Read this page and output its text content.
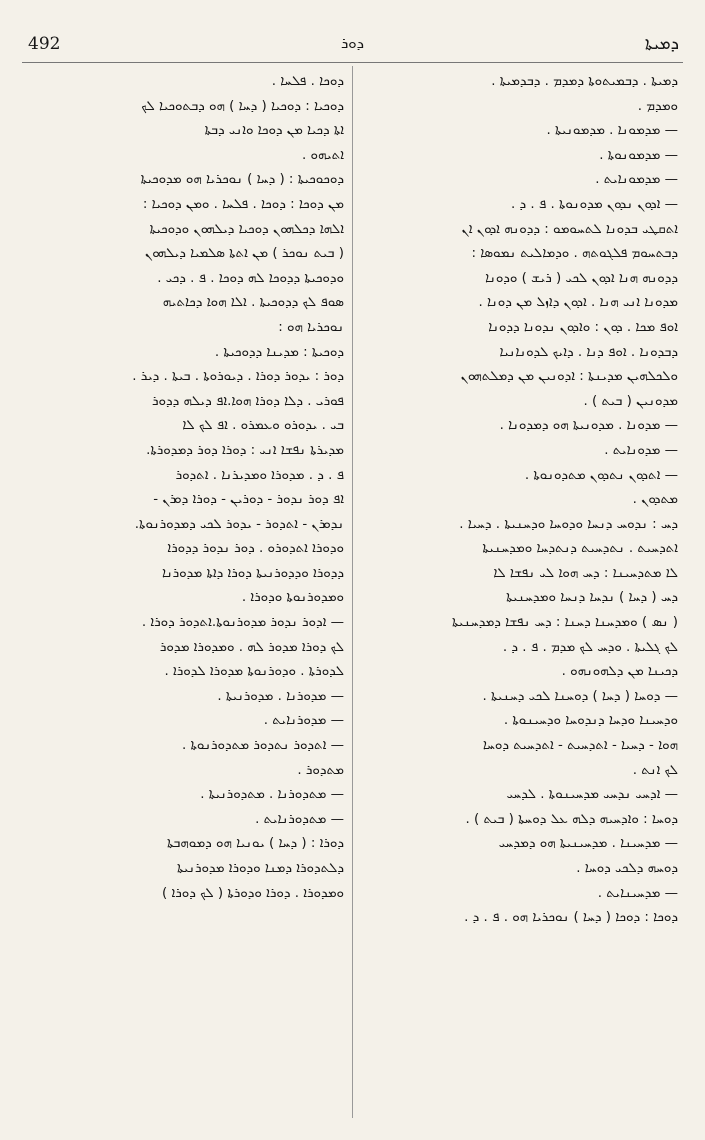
492	ܕܘܪ	ܕܡܝܬܐ
ܕܡܝܬܐ . ܕܒܡܝܬܘܬܐ ܕܡܕܡ . ܕܒܕܡܝܬܐ .
ܘܡܕܡ .
— ܡܕܡܘܢܐ . ܡܕܡܘܢܝܬܐ .
— ܡܕܡܘܢܘܬܐ .
— ܡܕܡܘܢܐܝܬ .
— ܐܕܘܢ ܢܕܘܢ ܡܕܘܢܘܬܐ . ܦ . ܕ .
ܐܬܩܛܝ ܒܕܘܢܐ ܠܬܚܘܡܘ : ܕܕܘܢܗ ܐܕܘܢ ܐܢ
ܕܒܬܚܘܡ ܦܠܓܘܬܗ . ܘܕܡܐܠܝܬ ܢܡܘܣܐ :
ܕܕܘܢܗ ܗܢܐ ܐܕܘܢ ܠܟܝ ( ܪܝܫ ) ܘܕܘܢܐ
ܡܕܘܢܐ ܐܢܝ ܗܢܐ . ܐܕܘܢ ܕܐܙܠ ܡܢ ܕܘܢܐ .
ܐܘܦ ܡܟܐ . ܕܘܢ : ܘܐܕܘܢ ܢܕܘܢܐ ܕܕܘܢܐ
ܕܒܕܘܢܐ . ܐܘܦ ܕܢܐ . ܕܐܝܟ ܠܕܘܢܐܢܝܐ
ܘܠܟܠܗܝܢ ܡܕܝܢܬܐ : ܐܕܘܢܝܢ ܡܢ ܕܡܠܬܗܘܢ
ܡܕܘܢܝܢ ( ܒܝܬ ) .
— ܡܕܘܢܐ . ܡܕܘܢܝܬܐ ܗܘ ܕܡܕܘܢܐ .
— ܡܕܘܢܐܝܬ .
— ܐܬܕܘܢ ܢܬܕܘܢ ܡܬܕܘܢܘܬܐ .
ܡܬܕܘܢ .
ܕܚ : ܢܕܘܚ ܕܢܚܐ ܘܕܘܚܐ ܘܕܚܢܝܬܐ . ܕܚܝܐ .
ܐܬܕܚܝܬ . ܢܬܕܚܝܬ ܕܢܬܕܚܐ ܘܡܕܚܢܝܬܐ
ܠܐ ܡܬܕܚܝܢܐ : ܕܚ ܗܘܐ ܠܝ ܢܦܫܐ ܠܐ
ܕܚ ( ܕܚܐ ) ܢܕܚܐ ܕܢܚܐ ܘܡܕܚܢܝܬܐ
( ܢܣ ) ܘܡܕܚܢܐ ܕܚܢܐ : ܕܚ ܢܦܫܐ ܕܡܕܚܢܝܬܐ
ܠܟ ܓܠܝܬܐ . ܘܕܚ ܠܟ ܡܕܡ . ܦ . ܕ .
ܕܟܝܢܐ ܡܢ ܕܠܗܘܢܗܘ .
— ܕܘܚܐ ( ܕܚܐ ) ܕܘܚܢܐ ܠܟܝ ܕܚܢܝܬܐ .
ܘܕܚܝܢܐ ܘܕܚܐ ܕܢܕܘܚܐ ܘܕܚܝܢܘܬܐ .
ܗܘܐ - ܕܚܝܐ - ܐܬܕܚܝܬ - ܐܬܕܚܝܬ ܕܘܚܐ
ܠܟ ܐܢܬ .
— ܐܕܚܝ ܢܕܚܝ ܡܕܚܝܢܘܬܐ . ܠܕܚܝ
ܕܘܚܐ : ܘܐܕܚܝܗ ܕܠܗ ܥܠ ܕܘܚܬܐ ( ܒܝܬ ) .
— ܡܕܚܝܢܐ . ܡܕܚܝܢܝܬܐ ܗܘ ܕܡܕܚܝ
ܕܘܚܗ ܕܠܟܝ ܕܘܚܐ .
— ܡܕܚܝܢܐܝܬ .
ܕܘܟܐ : ܕܘܟܐ ( ܕܚܐ ) ܢܘܟܪܝܐ ܗܘ . ܦ . ܕ .
ܕܘܟܐ . ܦܠܚܐ .
ܕܘܟܝܐ : ܕܘܟܝܐ ( ܕܚܐ ) ܗܘ ܕܒܬܘܟܝܐ ܠܟ
ܐܬܐ ܕܟܝܐ ܡܢ ܕܘܟܐ ܘܐܢܝ ܕܒܬܐ
ܐܬܝܗܘ .
ܕܘܟܘܟܝܬܐ : ( ܕܚܐ ) ܢܘܟܪܝܐ ܗܘ ܡܕܘܟܝܬܐ
ܡܢ ܕܘܟܐ : ܕܘܟܐ . ܦܠܚܐ . ܘܡܢ ܕܘܟܝܐ :
ܐܠܗܐ ܕܟܠܗܘܢ ܕܘܟܝܐ ܕܝܠܗܘܢ ܘܕܘܟܝܬܐ
( ܒܝܬ ܢܘܟܪ ) ܡܢ ܐܬܬܐ ܣܠܡܝܐ ܕܝܠܗܘܢ
ܘܕܘܟܝܬܐ ܕܕܘܟܐ ܠܗ ܕܘܟܐ . ܦ . ܕܟܝ .
ܣܘܦ ܠܟ ܕܕܘܟܝܬܐ . ܐܠܐ ܗܘܐ ܕܟܐܬܝܗ
ܢܘܟܪܝܐ ܗܘ :
ܕܘܟܝܬܐ : ܡܕܝܢܐ ܕܕܘܟܝܬܐ .
ܕܘܪ : ܝܕܘܪ ܕܘܪܐ . ܕܝܘܪܘܬܐ . ܒܝܬܐ . ܕܝܪ .
ܦܘܪܝ . ܕܠܐ ܕܘܪܐ ܗܘܐ.ܐܦ ܕܝܠܗ ܕܕܘܪ
ܒܝ . ܝܕܘܪܘ ܘܥܡܪܘ . ܐܦ ܠܟ ܠܐ
ܡܕܝܪܬܐ ܢܦܫܐ ܐܢܝ : ܕܘܪܐ ܕܘܪ ܕܡܕܘܪܬܐ.
ܦ . ܕ . ܡܕܘܪܐ ܘܡܕܝܪܢܐ . ܐܬܕܘܪ
ܐܦ ܕܘܪ ܢܕܘܪ - ܕܘܪܝܢ - ܕܘܪܐ ܕܘܪܢ -
ܢܕܘܪܢ - ܐܬܕܘܪ - ܝܕܘܪ ܠܟܝ ܕܡܕܘܪܢܘܬܐ.
ܘܕܘܪܐ ܐܬܕܘܪܘ . ܕܘܪ ܢܕܘܪ ܕܕܘܪܐ
ܕܕܘܪܐ ܘܕܕܘܪܢܝܬܐ ܕܘܪܐ ܕܐܬܐ ܡܕܘܪܢܐ
ܘܡܕܘܪܢܘܬܐ ܘܕܘܪܐ .
— ܐܕܘܪ ܢܕܘܪ ܡܕܘܪܢܘܬܐ.ܐܬܕܘܪ ܕܘܪܐ .
ܠܟ ܕܘܪܐ ܡܕܘܪ ܠܗ . ܘܡܕܘܪܐ ܡܕܘܪ
ܠܕܘܪܬܐ . ܘܕܘܪܢܘܬܐ ܡܕܘܪܐ ܠܕܘܪܐ .
— ܡܕܘܪܢܐ . ܡܕܘܪܢܝܬܐ .
— ܡܕܘܪܢܐܝܬ .
— ܐܬܕܘܪ ܢܬܕܘܪ ܡܬܕܘܪܢܘܬܐ .
ܡܬܕܘܪ .
— ܡܬܕܘܪܢܐ . ܡܬܕܘܪܢܝܬܐ .
— ܡܬܕܘܪܢܐܝܬ .
ܕܘܪܐ : ( ܕܚܐ ) ܝܘܢܝܐ ܗܘ ܕܡܘܗܒܬܐ
ܕܠܬܕܘܪܐ ܕܡܢܐ ܘܕܘܪܐ ܡܕܘܪܢܝܬܐ
ܘܡܕܘܪܐ . ܕܘܪܐ ܘܕܘܪܬܐ ( ܠܟ ܕܘܪܐ )
